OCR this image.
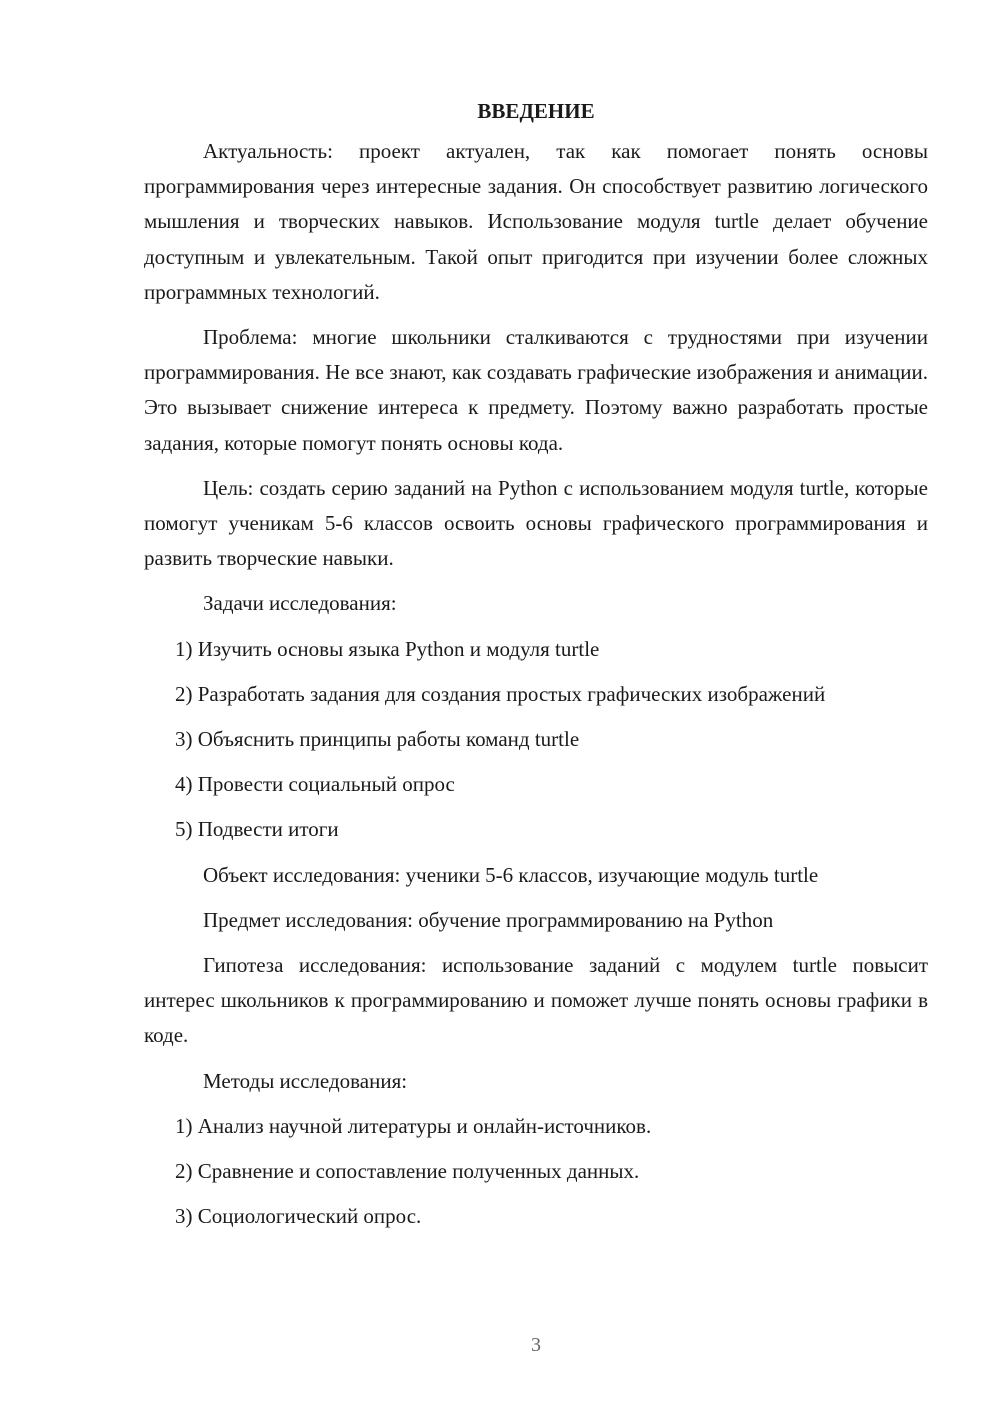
ВВЕДЕНИЕ

Актуальность: проект актуален, так как помогает понять основы программирования через интересные задания. Он способствует развитию логического мышления и творческих навыков. Использование модуля turtle делает обучение доступным и увлекательным. Такой опыт пригодится при изучении более сложных программных технологий.

Проблема: многие школьники сталкиваются с трудностями при изучении программирования. Не все знают, как создавать графические изображения и анимации. Это вызывает снижение интереса к предмету. Поэтому важно разработать простые задания, которые помогут понять основы кода.

Цель: создать серию заданий на Python с использованием модуля turtle, которые помогут ученикам 5-6 классов освоить основы графического программирования и развить творческие навыки.

Задачи исследования:

1) Изучить основы языка Python и модуля turtle

2) Разработать задания для создания простых графических изображений

3) Объяснить принципы работы команд turtle

4) Провести социальный опрос

5) Подвести итоги

Объект исследования: ученики 5-6 классов, изучающие модуль turtle

Предмет исследования: обучение программированию на Python

Гипотеза исследования: использование заданий с модулем turtle повысит интерес школьников к программированию и поможет лучше понять основы графики в коде.

Методы исследования:

1) Анализ научной литературы и онлайн-источников.

2) Сравнение и сопоставление полученных данных.

3) Социологический опрос.

3
